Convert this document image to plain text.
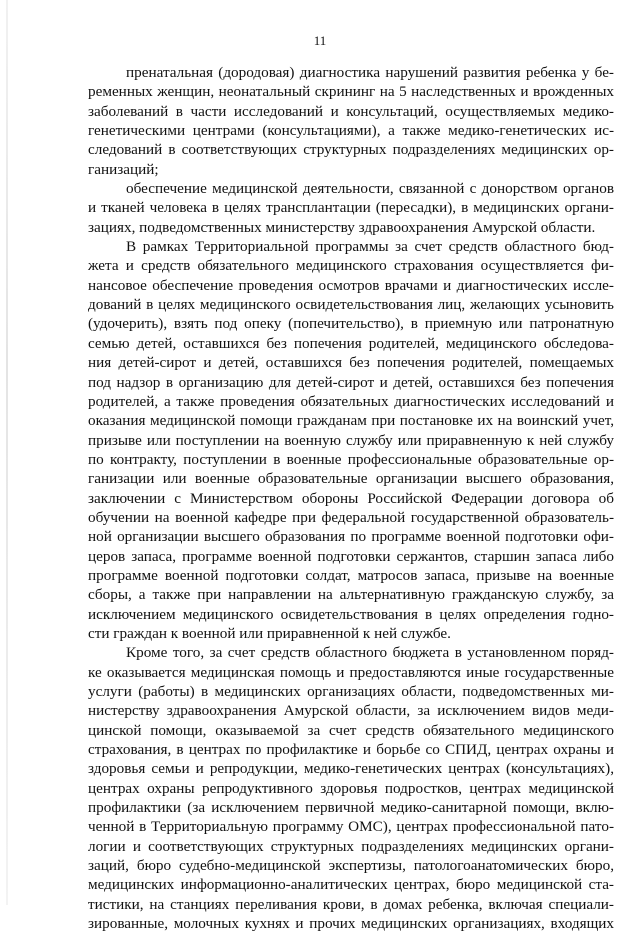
11
пренатальная (дородовая) диагностика нарушений развития ребенка у бе-
ременных женщин, неонатальный скрининг на 5 наследственных и врожденных
заболеваний в части исследований и консультаций, осуществляемых медико-
генетическими центрами (консультациями), а также медико-генетических ис-
следований в соответствующих структурных подразделениях медицинских ор-
ганизаций;
обеспечение медицинской деятельности, связанной с донорством органов
и тканей человека в целях трансплантации (пересадки), в медицинских органи-
зациях, подведомственных министерству здравоохранения Амурской области.
В рамках Территориальной программы за счет средств областного бюд-
жета и средств обязательного медицинского страхования осуществляется фи-
нансовое обеспечение проведения осмотров врачами и диагностических иссле-
дований в целях медицинского освидетельствования лиц, желающих усыновить
(удочерить), взять под опеку (попечительство), в приемную или патронатную
семью детей, оставшихся без попечения родителей, медицинского обследова-
ния детей-сирот и детей, оставшихся без попечения родителей, помещаемых
под надзор в организацию для детей-сирот и детей, оставшихся без попечения
родителей, а также проведения обязательных диагностических исследований и
оказания медицинской помощи гражданам при постановке их на воинский учет,
призыве или поступлении на военную службу или приравненную к ней службу
по контракту, поступлении в военные профессиональные образовательные ор-
ганизации или военные образовательные организации высшего образования,
заключении с Министерством обороны Российской Федерации договора об
обучении на военной кафедре при федеральной государственной образователь-
ной организации высшего образования по программе военной подготовки офи-
церов запаса, программе военной подготовки сержантов, старшин запаса либо
программе военной подготовки солдат, матросов запаса, призыве на военные
сборы, а также при направлении на альтернативную гражданскую службу, за
исключением медицинского освидетельствования в целях определения годно-
сти граждан к военной или приравненной к ней службе.
Кроме того, за счет средств областного бюджета в установленном поряд-
ке оказывается медицинская помощь и предоставляются иные государственные
услуги (работы) в медицинских организациях области, подведомственных ми-
нистерству здравоохранения Амурской области, за исключением видов меди-
цинской помощи, оказываемой за счет средств обязательного медицинского
страхования, в центрах по профилактике и борьбе со СПИД, центрах охраны и
здоровья семьи и репродукции, медико-генетических центрах (консультациях),
центрах охраны репродуктивного здоровья подростков, центрах медицинской
профилактики (за исключением первичной медико-санитарной помощи, вклю-
ченной в Территориальную программу ОМС), центрах профессиональной пато-
логии и соответствующих структурных подразделениях медицинских органи-
заций, бюро судебно-медицинской экспертизы, патологоанатомических бюро,
медицинских информационно-аналитических центрах, бюро медицинской ста-
тистики, на станциях переливания крови, в домах ребенка, включая специали-
зированные, молочных кухнях и прочих медицинских организациях, входящих
